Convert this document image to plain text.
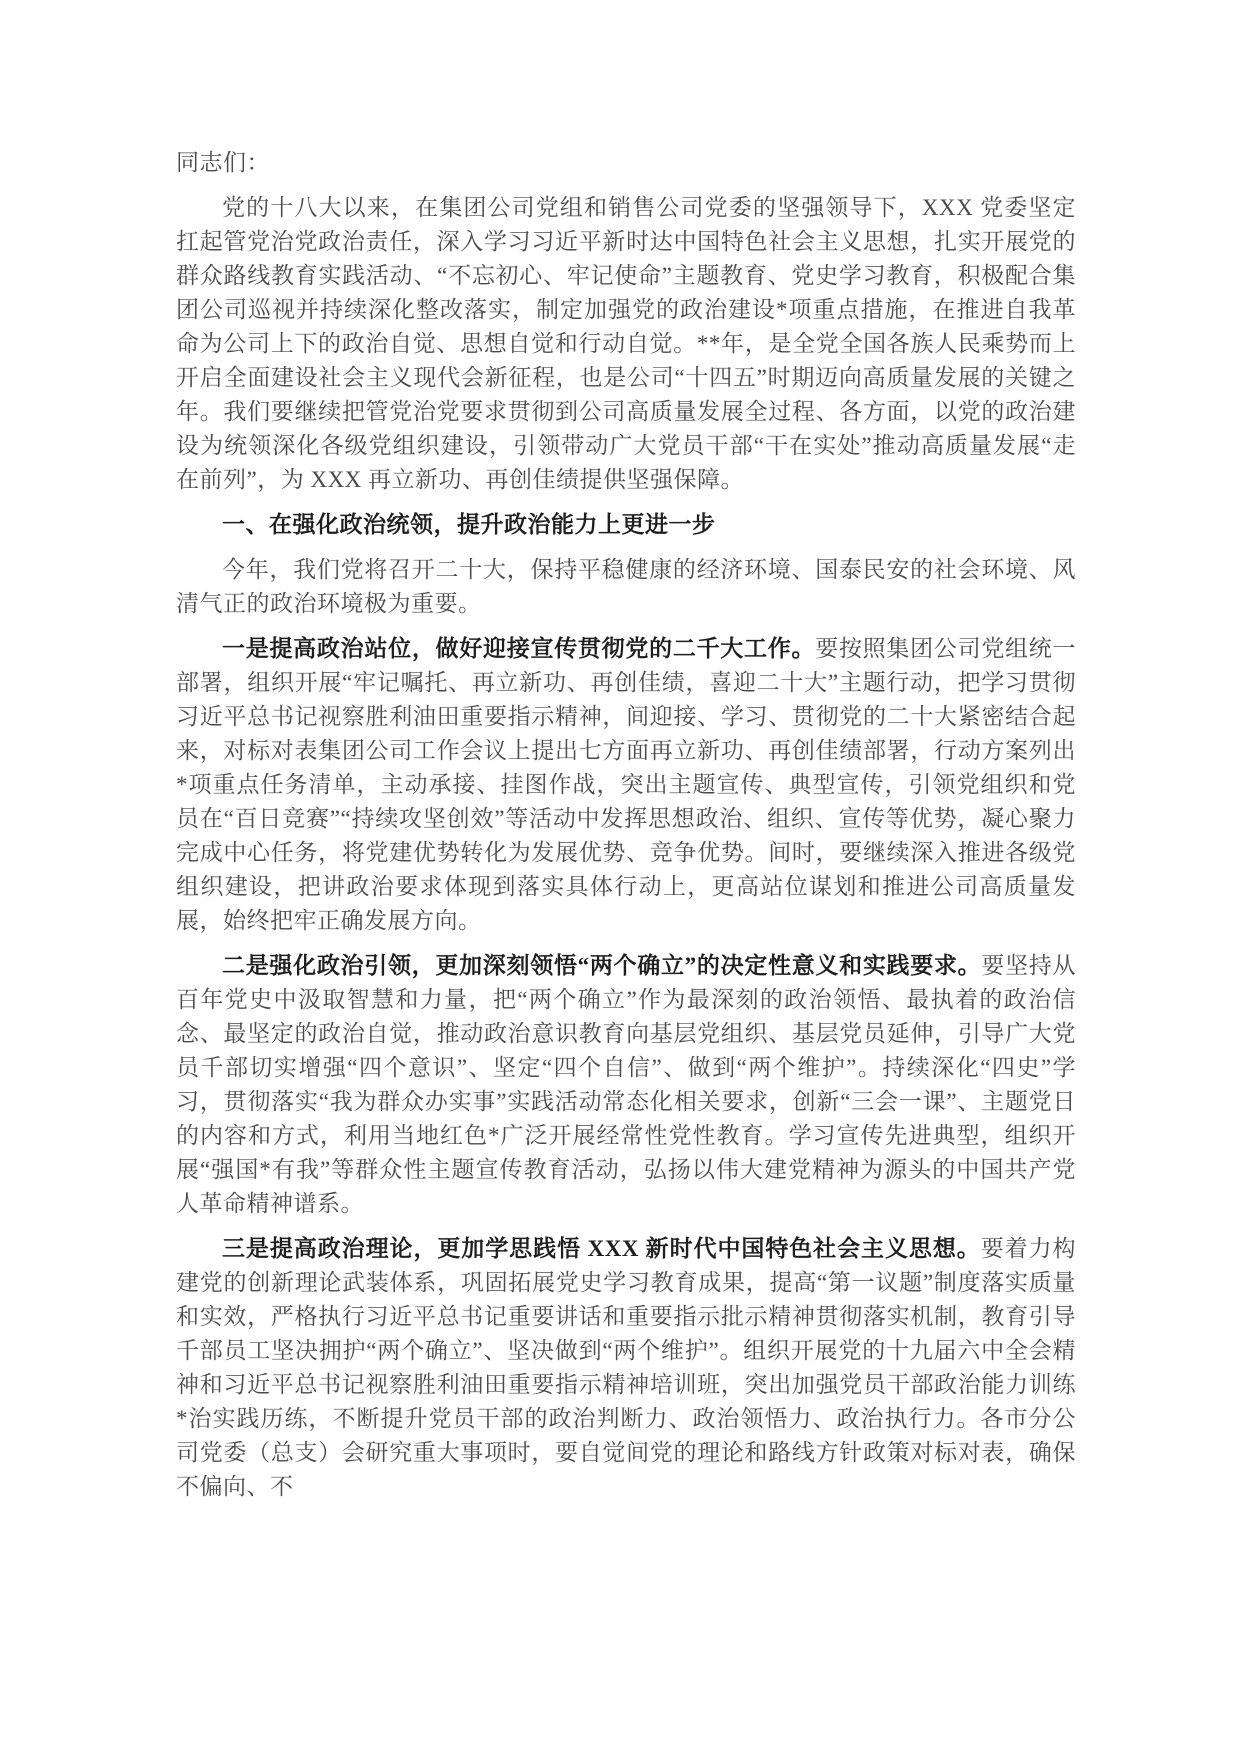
同志们：

党的十八大以来，在集团公司党组和销售公司党委的坚强领导下，XXX 党委坚定扛起管党治党政治责任，深入学习习近平新时达中国特色社会主义思想，扎实开展党的群众路线教育实践活动、“不忘初心、牢记使命”主题教育、党史学习教育，积极配合集团公司巡视并持续深化整改落实，制定加强党的政治建设*项重点措施，在推进自我革命为公司上下的政治自觉、思想自觉和行动自觉。**年，是全党全国各族人民乘势而上开启全面建设社会主义现代会新征程，也是公司“十四五”时期迈向高质量发展的关键之年。我们要继续把管党治党要求贯彻到公司高质量发展全过程、各方面，以党的政治建设为统领深化各级党组织建设，引领带动广大党员干部“干在实处”推动高质量发展“走在前列”，为 XXX 再立新功、再创佳绩提供坚强保障。

一、在强化政治统领，提升政治能力上更进一步

今年，我们党将召开二十大，保持平稳健康的经济环境、国泰民安的社会环境、风清气正的政治环境极为重要。

一是提高政治站位，做好迎接宣传贯彻党的二千大工作。要按照集团公司党组统一部署，组织开展“牢记嘱托、再立新功、再创佳绩，喜迎二十大”主题行动，把学习贯彻习近平总书记视察胜利油田重要指示精神，间迎接、学习、贯彻党的二十大紧密结合起来，对标对表集团公司工作会议上提出七方面再立新功、再创佳绩部署，行动方案列出*项重点任务清单，主动承接、挂图作战，突出主题宣传、典型宣传，引领党组织和党员在“百日竞赛”“持续攻坚创效”等活动中发挥思想政治、组织、宣传等优势，凝心聚力完成中心任务，将党建优势转化为发展优势、竞争优势。间时，要继续深入推进各级党组织建设，把讲政治要求体现到落实具体行动上，更高站位谋划和推进公司高质量发展，始终把牢正确发展方向。

二是强化政治引领，更加深刻领悟“两个确立”的决定性意义和实践要求。要坚持从百年党史中汲取智慧和力量，把“两个确立”作为最深刻的政治领悟、最执着的政治信念、最坚定的政治自觉，推动政治意识教育向基层党组织、基层党员延伸，引导广大党员千部切实增强“四个意识”、坚定“四个自信”、做到“两个维护”。持续深化“四史”学习，贯彻落实“我为群众办实事”实践活动常态化相关要求，创新“三会一课”、主题党日的内容和方式，利用当地红色*广泛开展经常性党性教育。学习宣传先进典型，组织开展“强国*有我”等群众性主题宣传教育活动，弘扬以伟大建党精神为源头的中国共产党人革命精神谱系。

三是提高政治理论，更加学思践悟 XXX 新时代中国特色社会主义思想。要着力构建党的创新理论武装体系，巩固拓展党史学习教育成果，提高“第一议题”制度落实质量和实效，严格执行习近平总书记重要讲话和重要指示批示精神贯彻落实机制，教育引导千部员工坚决拥护“两个确立”、坚决做到“两个维护”。组织开展党的十九届六中全会精神和习近平总书记视察胜利油田重要指示精神培训班，突出加强党员干部政治能力训练*治实践历练，不断提升党员干部的政治判断力、政治领悟力、政治执行力。各市分公司党委（总支）会研究重大事项时，要自觉间党的理论和路线方针政策对标对表，确保不偏向、不
